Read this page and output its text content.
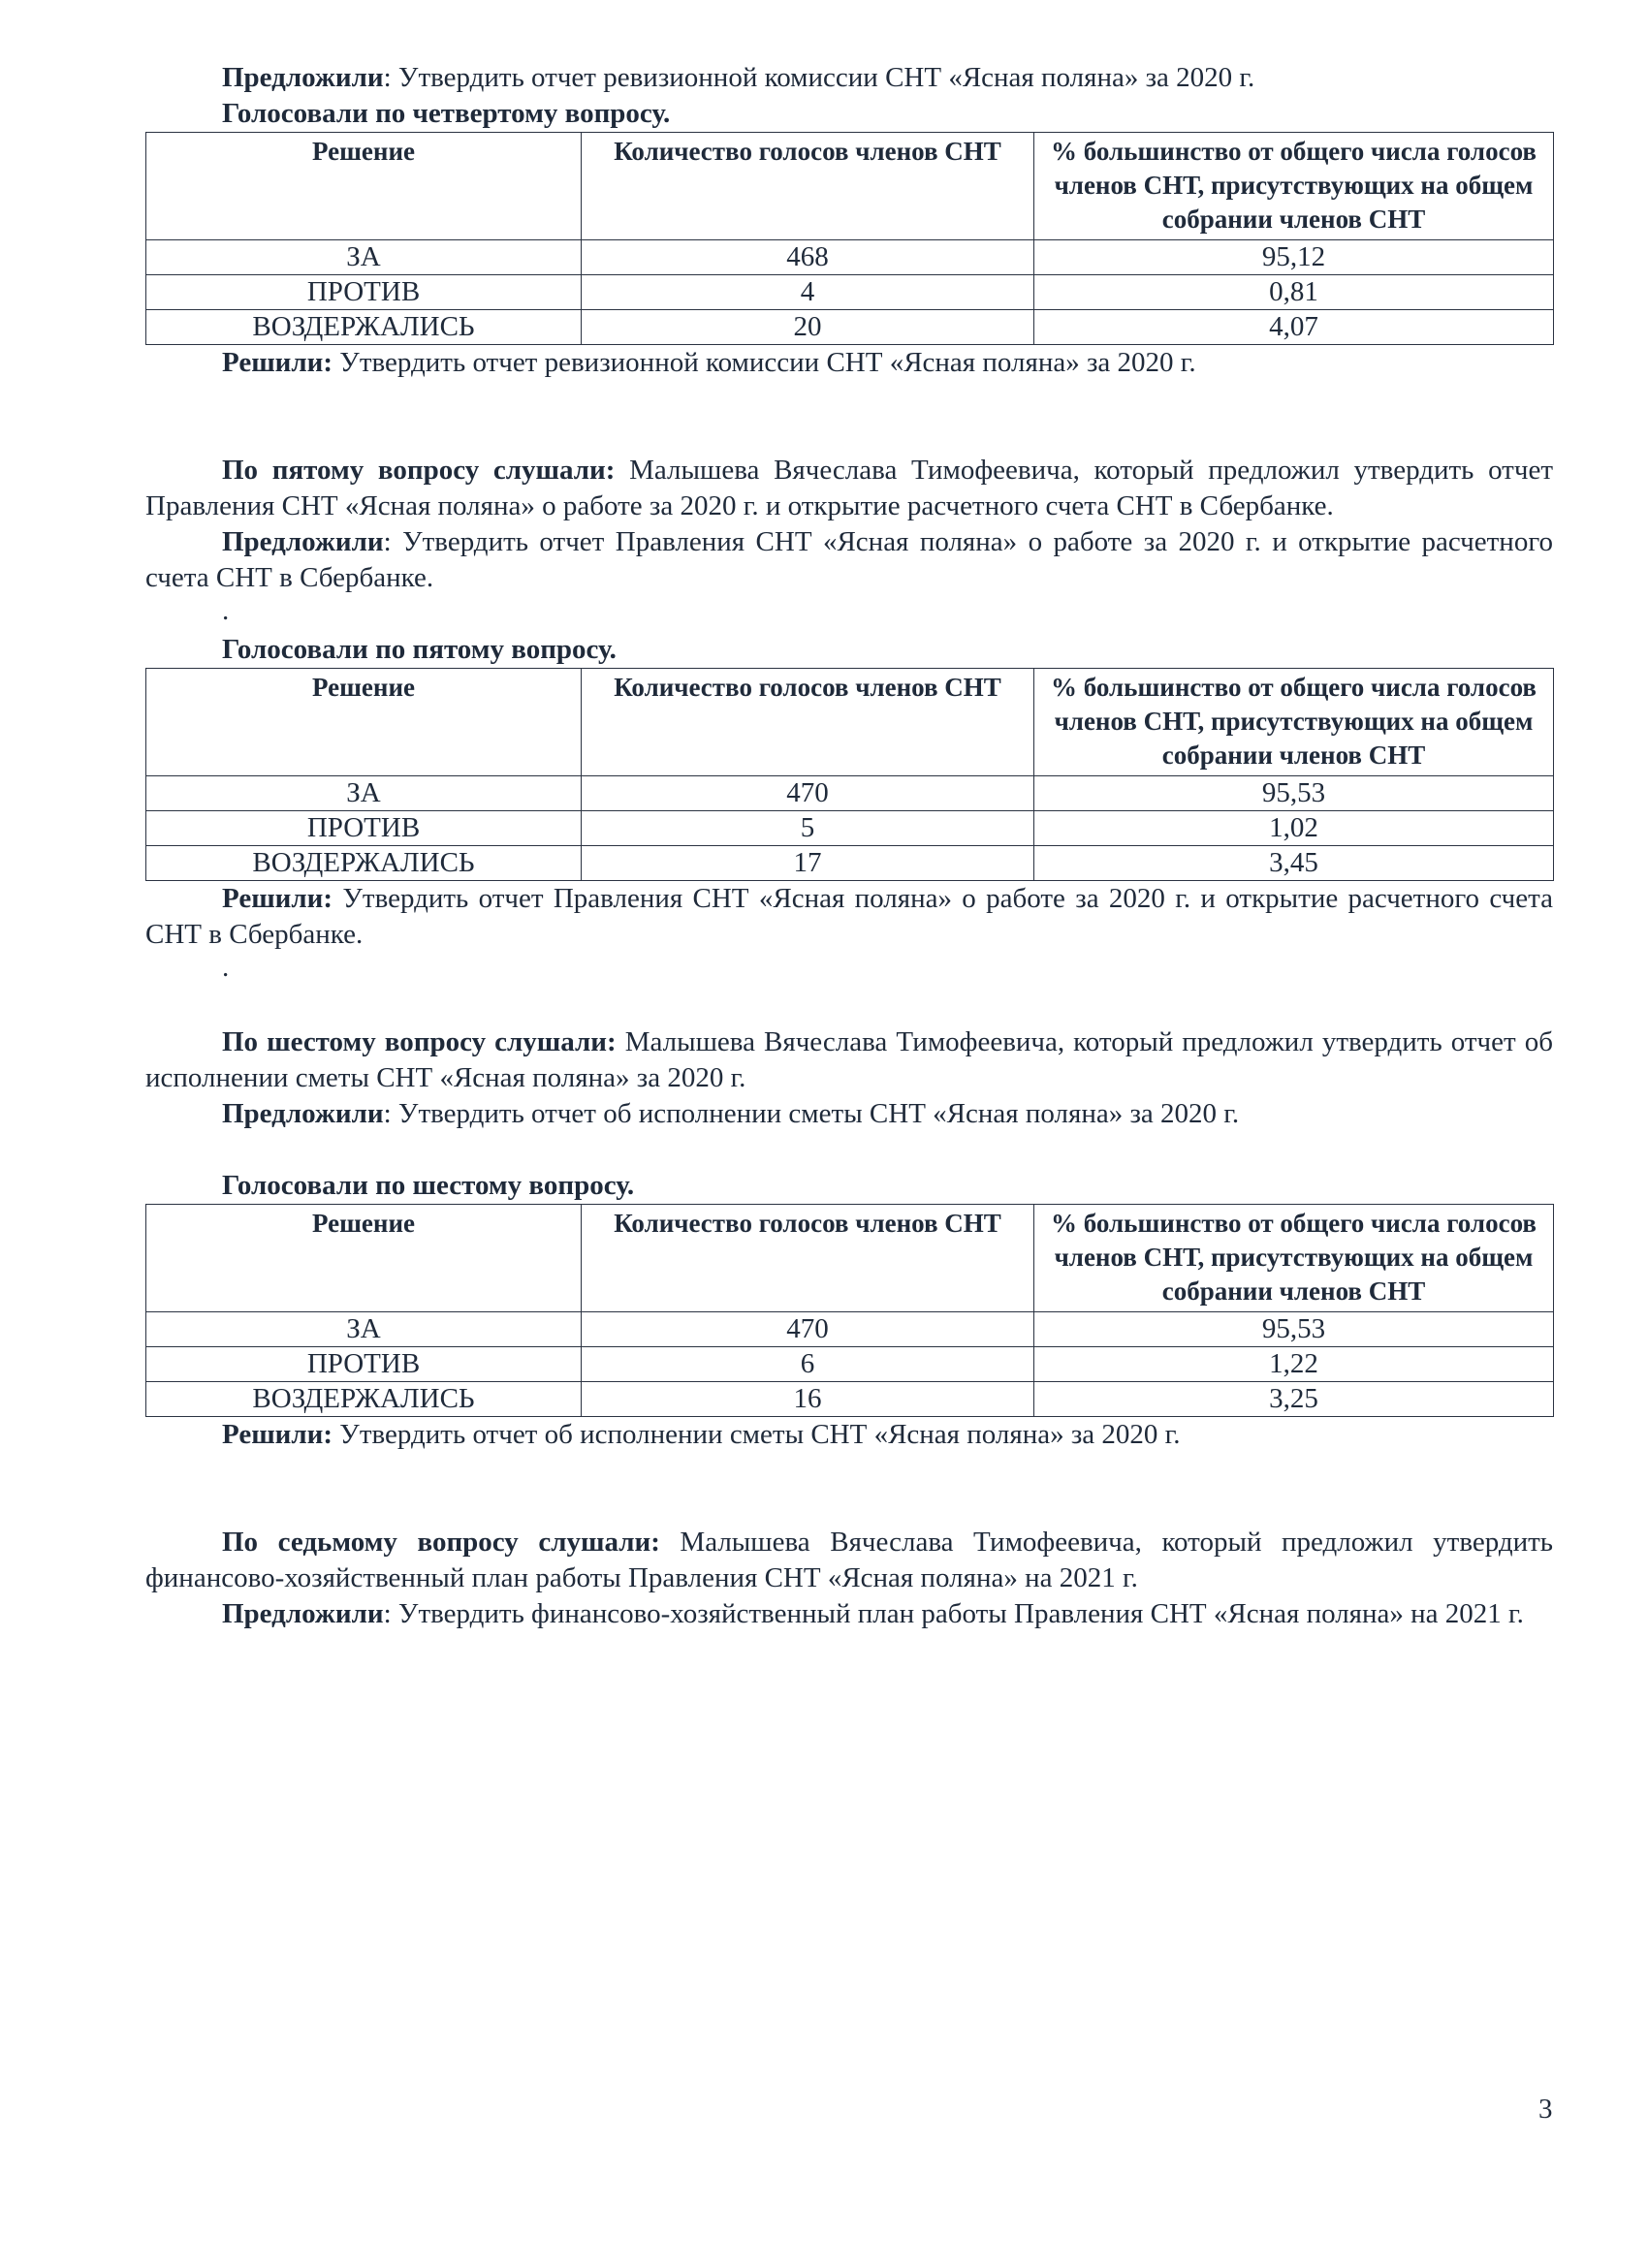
Предложили: Утвердить отчет ревизионной комиссии СНТ «Ясная поляна» за 2020 г.

Голосовали по четвертому вопросу.

Решение	Количество голосов членов СНТ	% большинство от общего числа голосов членов СНТ, присутствующих на общем собрании членов СНТ
ЗА	468	95,12
ПРОТИВ	4	0,81
ВОЗДЕРЖАЛИСЬ	20	4,07

Решили: Утвердить отчет ревизионной комиссии СНТ «Ясная поляна» за 2020 г.

По пятому вопросу слушали: Малышева Вячеслава Тимофеевича, который предложил утвердить отчет Правления СНТ «Ясная поляна» о работе за 2020 г. и открытие расчетного счета СНТ в Сбербанке.

Предложили: Утвердить отчет Правления СНТ «Ясная поляна» о работе за 2020 г. и открытие расчетного счета СНТ в Сбербанке.

.

Голосовали по пятому вопросу.

Решение	Количество голосов членов СНТ	% большинство от общего числа голосов членов СНТ, присутствующих на общем собрании членов СНТ
ЗА	470	95,53
ПРОТИВ	5	1,02
ВОЗДЕРЖАЛИСЬ	17	3,45

Решили: Утвердить отчет Правления СНТ «Ясная поляна» о работе за 2020 г. и открытие расчетного счета СНТ в Сбербанке.

.

По шестому вопросу слушали: Малышева Вячеслава Тимофеевича, который предложил утвердить отчет об исполнении сметы СНТ «Ясная поляна» за 2020 г.

Предложили: Утвердить отчет об исполнении сметы СНТ «Ясная поляна» за 2020 г.

Голосовали по шестому вопросу.

Решение	Количество голосов членов СНТ	% большинство от общего числа голосов членов СНТ, присутствующих на общем собрании членов СНТ
ЗА	470	95,53
ПРОТИВ	6	1,22
ВОЗДЕРЖАЛИСЬ	16	3,25

Решили: Утвердить отчет об исполнении сметы СНТ «Ясная поляна» за 2020 г.

По седьмому вопросу слушали: Малышева Вячеслава Тимофеевича, который предложил утвердить финансово-хозяйственный план работы Правления СНТ «Ясная поляна» на 2021 г.

Предложили: Утвердить финансово-хозяйственный план работы Правления СНТ «Ясная поляна» на 2021 г.

3
